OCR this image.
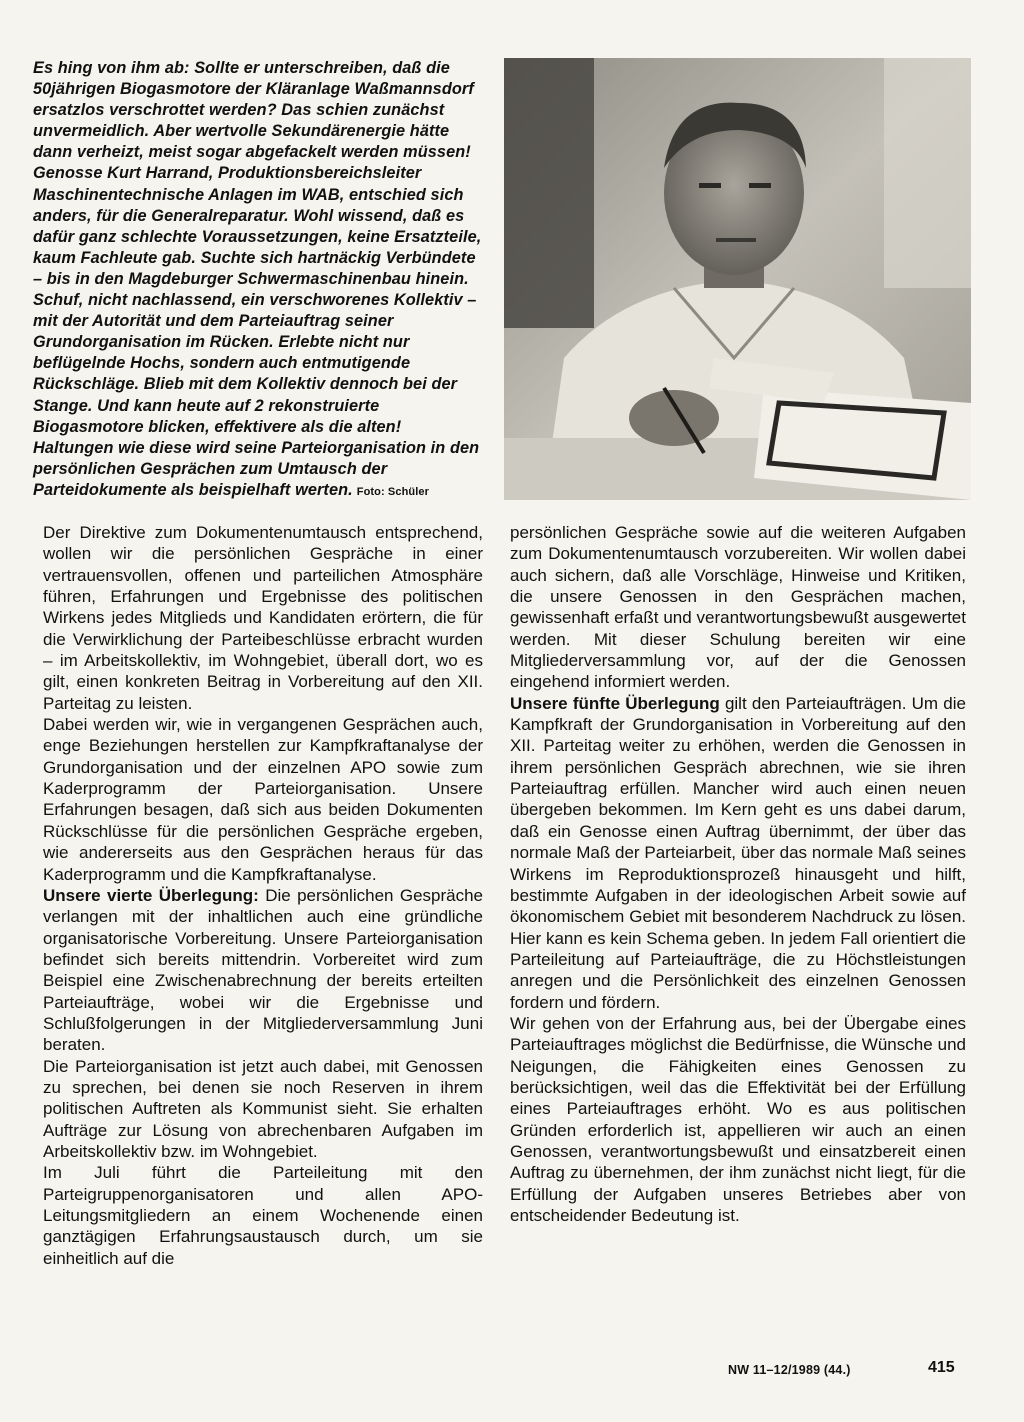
Es hing von ihm ab: Sollte er unterschreiben, daß die 50jährigen Biogasmotore der Kläranlage Waßmannsdorf ersatzlos verschrottet werden? Das schien zunächst unvermeidlich. Aber wertvolle Sekundärenergie hätte dann verheizt, meist sogar abgefackelt werden müssen! Genosse Kurt Harrand, Produktionsbereichsleiter Maschinentechnische Anlagen im WAB, entschied sich anders, für die Generalreparatur. Wohl wissend, daß es dafür ganz schlechte Voraussetzungen, keine Ersatzteile, kaum Fachleute gab. Suchte sich hartnäckig Verbündete – bis in den Magdeburger Schwermaschinenbau hinein. Schuf, nicht nachlassend, ein verschworenes Kollektiv – mit der Autorität und dem Parteiauftrag seiner Grundorganisation im Rücken. Erlebte nicht nur beflügelnde Hochs, sondern auch entmutigende Rückschläge. Blieb mit dem Kollektiv dennoch bei der Stange. Und kann heute auf 2 rekonstruierte Biogasmotore blicken, effektivere als die alten! Haltungen wie diese wird seine Parteiorganisation in den persönlichen Gesprächen zum Umtausch der Parteidokumente als beispielhaft werten. Foto: Schüler

Der Direktive zum Dokumentenumtausch entsprechend, wollen wir die persönlichen Gespräche in einer vertrauensvollen, offenen und parteilichen Atmosphäre führen, Erfahrungen und Ergebnisse des politischen Wirkens jedes Mitglieds und Kandidaten erörtern, die für die Verwirklichung der Parteibeschlüsse erbracht wurden – im Arbeitskollektiv, im Wohngebiet, überall dort, wo es gilt, einen konkreten Beitrag in Vorbereitung auf den XII. Parteitag zu leisten.

Dabei werden wir, wie in vergangenen Gesprächen auch, enge Beziehungen herstellen zur Kampfkraftanalyse der Grundorganisation und der einzelnen APO sowie zum Kaderprogramm der Parteiorganisation. Unsere Erfahrungen besagen, daß sich aus beiden Dokumenten Rückschlüsse für die persönlichen Gespräche ergeben, wie andererseits aus den Gesprächen heraus für das Kaderprogramm und die Kampfkraftanalyse.

Unsere vierte Überlegung: Die persönlichen Gespräche verlangen mit der inhaltlichen auch eine gründliche organisatorische Vorbereitung. Unsere Parteiorganisation befindet sich bereits mittendrin. Vorbereitet wird zum Beispiel eine Zwischenabrechnung der bereits erteilten Parteiaufträge, wobei wir die Ergebnisse und Schlußfolgerungen in der Mitgliederversammlung Juni beraten.

Die Parteiorganisation ist jetzt auch dabei, mit Genossen zu sprechen, bei denen sie noch Reserven in ihrem politischen Auftreten als Kommunist sieht. Sie erhalten Aufträge zur Lösung von abrechenbaren Aufgaben im Arbeitskollektiv bzw. im Wohngebiet.

Im Juli führt die Parteileitung mit den Parteigruppenorganisatoren und allen APO-Leitungsmitgliedern an einem Wochenende einen ganztägigen Erfahrungsaustausch durch, um sie einheitlich auf die

persönlichen Gespräche sowie auf die weiteren Aufgaben zum Dokumentenumtausch vorzubereiten. Wir wollen dabei auch sichern, daß alle Vorschläge, Hinweise und Kritiken, die unsere Genossen in den Gesprächen machen, gewissenhaft erfaßt und verantwortungsbewußt ausgewertet werden. Mit dieser Schulung bereiten wir eine Mitgliederversammlung vor, auf der die Genossen eingehend informiert werden.

Unsere fünfte Überlegung gilt den Parteiaufträgen. Um die Kampfkraft der Grundorganisation in Vorbereitung auf den XII. Parteitag weiter zu erhöhen, werden die Genossen in ihrem persönlichen Gespräch abrechnen, wie sie ihren Parteiauftrag erfüllen. Mancher wird auch einen neuen übergeben bekommen. Im Kern geht es uns dabei darum, daß ein Genosse einen Auftrag übernimmt, der über das normale Maß der Parteiarbeit, über das normale Maß seines Wirkens im Reproduktionsprozeß hinausgeht und hilft, bestimmte Aufgaben in der ideologischen Arbeit sowie auf ökonomischem Gebiet mit besonderem Nachdruck zu lösen. Hier kann es kein Schema geben. In jedem Fall orientiert die Parteileitung auf Parteiaufträge, die zu Höchstleistungen anregen und die Persönlichkeit des einzelnen Genossen fordern und fördern.

Wir gehen von der Erfahrung aus, bei der Übergabe eines Parteiauftrages möglichst die Bedürfnisse, die Wünsche und Neigungen, die Fähigkeiten eines Genossen zu berücksichtigen, weil das die Effektivität bei der Erfüllung eines Parteiauftrages erhöht. Wo es aus politischen Gründen erforderlich ist, appellieren wir auch an einen Genossen, verantwortungsbewußt und einsatzbereit einen Auftrag zu übernehmen, der ihm zunächst nicht liegt, für die Erfüllung der Aufgaben unseres Betriebes aber von entscheidender Bedeutung ist.

NW 11–12/1989 (44.)	415
